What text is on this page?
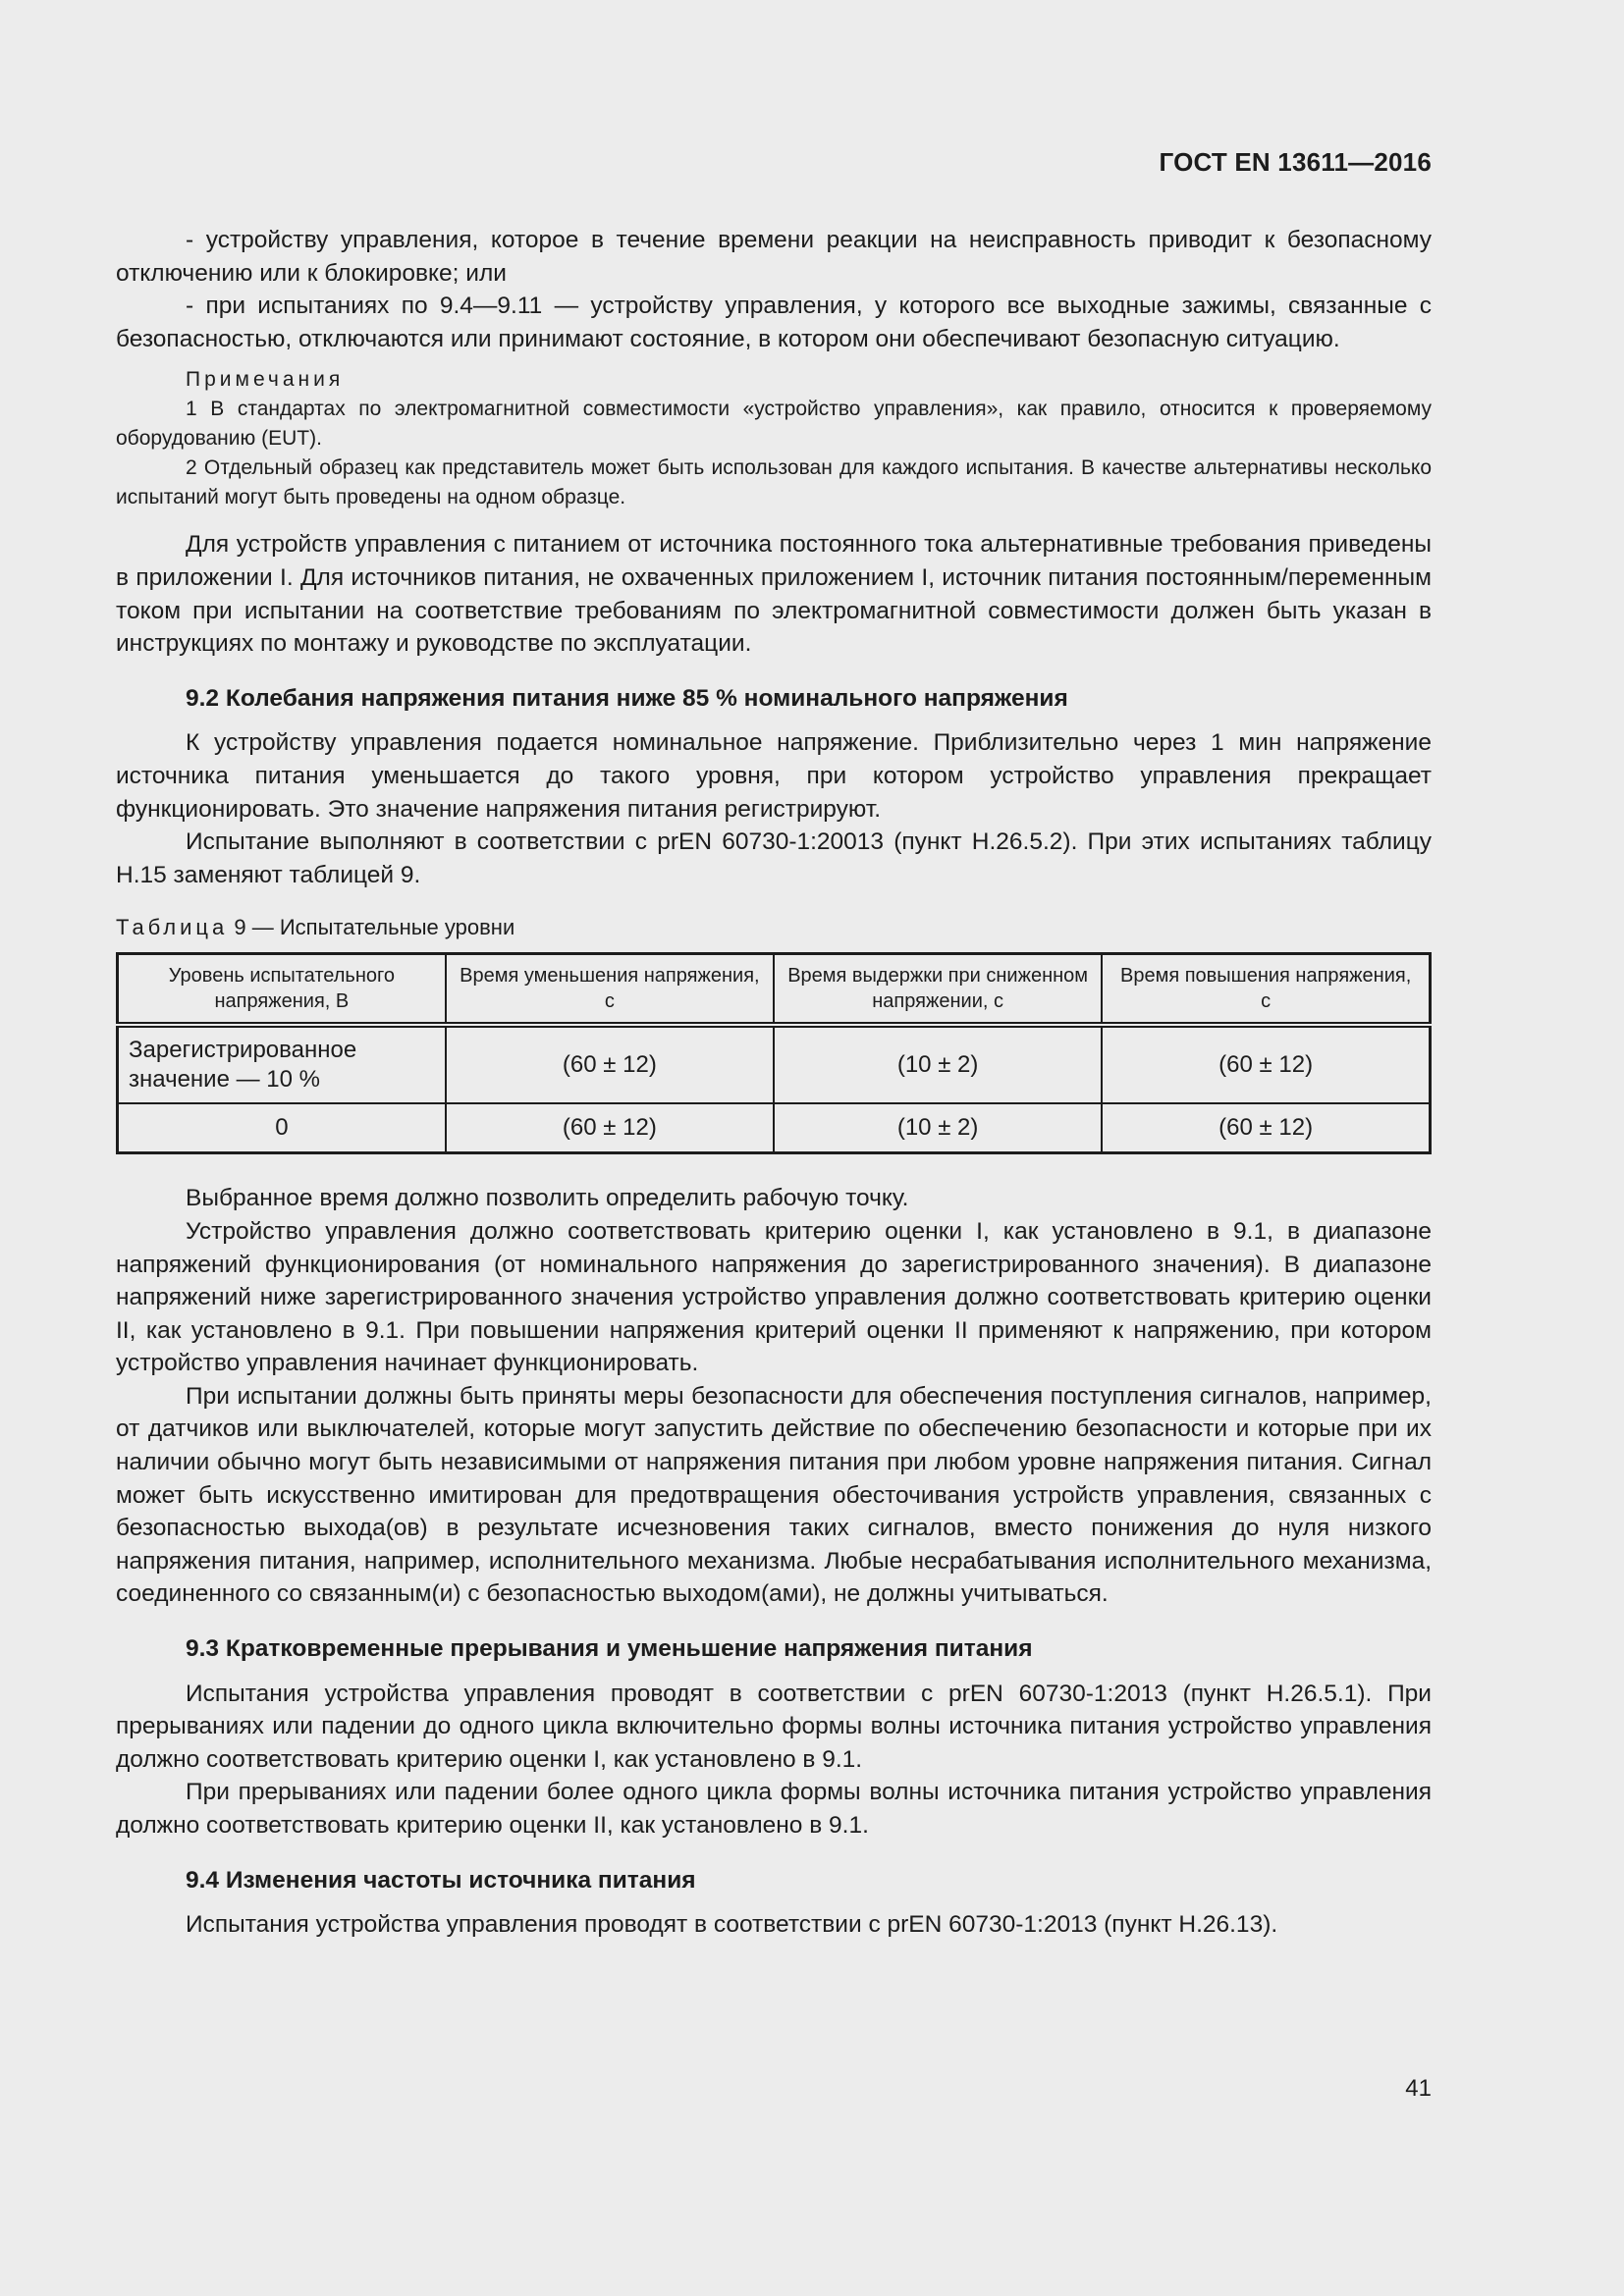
ГОСТ EN 13611—2016

- устройству управления, которое в течение времени реакции на неисправность приводит к безопасному отключению или к блокировке; или

- при испытаниях по 9.4—9.11 — устройству управления, у которого все выходные зажимы, связанные с безопасностью, отключаются или принимают состояние, в котором они обеспечивают безопасную ситуацию.

Примечания

1 В стандартах по электромагнитной совместимости «устройство управления», как правило, относится к проверяемому оборудованию (EUT).

2 Отдельный образец как представитель может быть использован для каждого испытания. В качестве альтернативы несколько испытаний могут быть проведены на одном образце.

Для устройств управления с питанием от источника постоянного тока альтернативные требования приведены в приложении I. Для источников питания, не охваченных приложением I, источник питания постоянным/переменным током при испытании на соответствие требованиям по электромагнитной совместимости должен быть указан в инструкциях по монтажу и руководстве по эксплуатации.

9.2 Колебания напряжения питания ниже 85 % номинального напряжения

К устройству управления подается номинальное напряжение. Приблизительно через 1 мин напряжение источника питания уменьшается до такого уровня, при котором устройство управления прекращает функционировать. Это значение напряжения питания регистрируют.

Испытание выполняют в соответствии с prEN 60730-1:20013 (пункт H.26.5.2). При этих испытаниях таблицу H.15 заменяют таблицей 9.

Таблица 9 — Испытательные уровни
Уровень испытательного напряжения, В	Время уменьшения напряжения, с	Время выдержки при сниженном напряжении, с	Время повышения напряжения, с
Зарегистрированное значение — 10 %	(60 ± 12)	(10 ± 2)	(60 ± 12)
0	(60 ± 12)	(10 ± 2)	(60 ± 12)

Выбранное время должно позволить определить рабочую точку.

Устройство управления должно соответствовать критерию оценки I, как установлено в 9.1, в диапазоне напряжений функционирования (от номинального напряжения до зарегистрированного значения). В диапазоне напряжений ниже зарегистрированного значения устройство управления должно соответствовать критерию оценки II, как установлено в 9.1. При повышении напряжения критерий оценки II применяют к напряжению, при котором устройство управления начинает функционировать.

При испытании должны быть приняты меры безопасности для обеспечения поступления сигналов, например, от датчиков или выключателей, которые могут запустить действие по обеспечению безопасности и которые при их наличии обычно могут быть независимыми от напряжения питания при любом уровне напряжения питания. Сигнал может быть искусственно имитирован для предотвращения обесточивания устройств управления, связанных с безопасностью выхода(ов) в результате исчезновения таких сигналов, вместо понижения до нуля низкого напряжения питания, например, исполнительного механизма. Любые несрабатывания исполнительного механизма, соединенного со связанным(и) с безопасностью выходом(ами), не должны учитываться.

9.3 Кратковременные прерывания и уменьшение напряжения питания

Испытания устройства управления проводят в соответствии с prEN 60730-1:2013 (пункт H.26.5.1). При прерываниях или падении до одного цикла включительно формы волны источника питания устройство управления должно соответствовать критерию оценки I, как установлено в 9.1.

При прерываниях или падении более одного цикла формы волны источника питания устройство управления должно соответствовать критерию оценки II, как установлено в 9.1.

9.4 Изменения частоты источника питания

Испытания устройства управления проводят в соответствии с prEN 60730-1:2013 (пункт H.26.13).

41
